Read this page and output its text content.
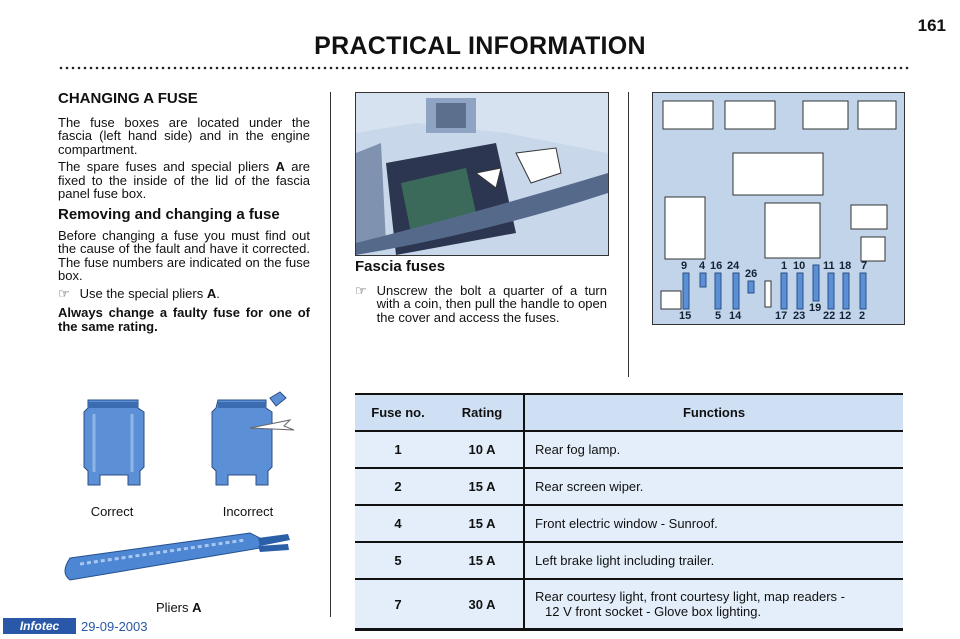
161
PRACTICAL INFORMATION
CHANGING A FUSE

The fuse boxes are located under the fascia (left hand side) and in the engine compartment.

The spare fuses and special pliers A are fixed to the inside of the lid of the fascia panel fuse box.

Removing and changing a fuse

Before changing a fuse you must find out the cause of the fault and have it corrected. The fuse numbers are indicated on the fuse box.

☞ Use the special pliers A.
Always change a faulty fuse for one of the same rating.
Correct	Incorrect
Pliers A
Fascia fuses
☞ Unscrew the bolt a quarter of a turn with a coin, then pull the handle to open the cover and access the fuses.
9 4 16 24
26
1 10 11 18 7
15 5 14	17 23
19
22 12 2
Fuse no.	Rating	Functions
1	10 A	Rear fog lamp.
2	15 A	Rear screen wiper.
4	15 A	Front electric window - Sunroof.
5	15 A	Left brake light including trailer.
7	30 A	Rear courtesy light, front courtesy light, map readers -
12 V front socket - Glove box lighting.
Infotec	29-09-2003
